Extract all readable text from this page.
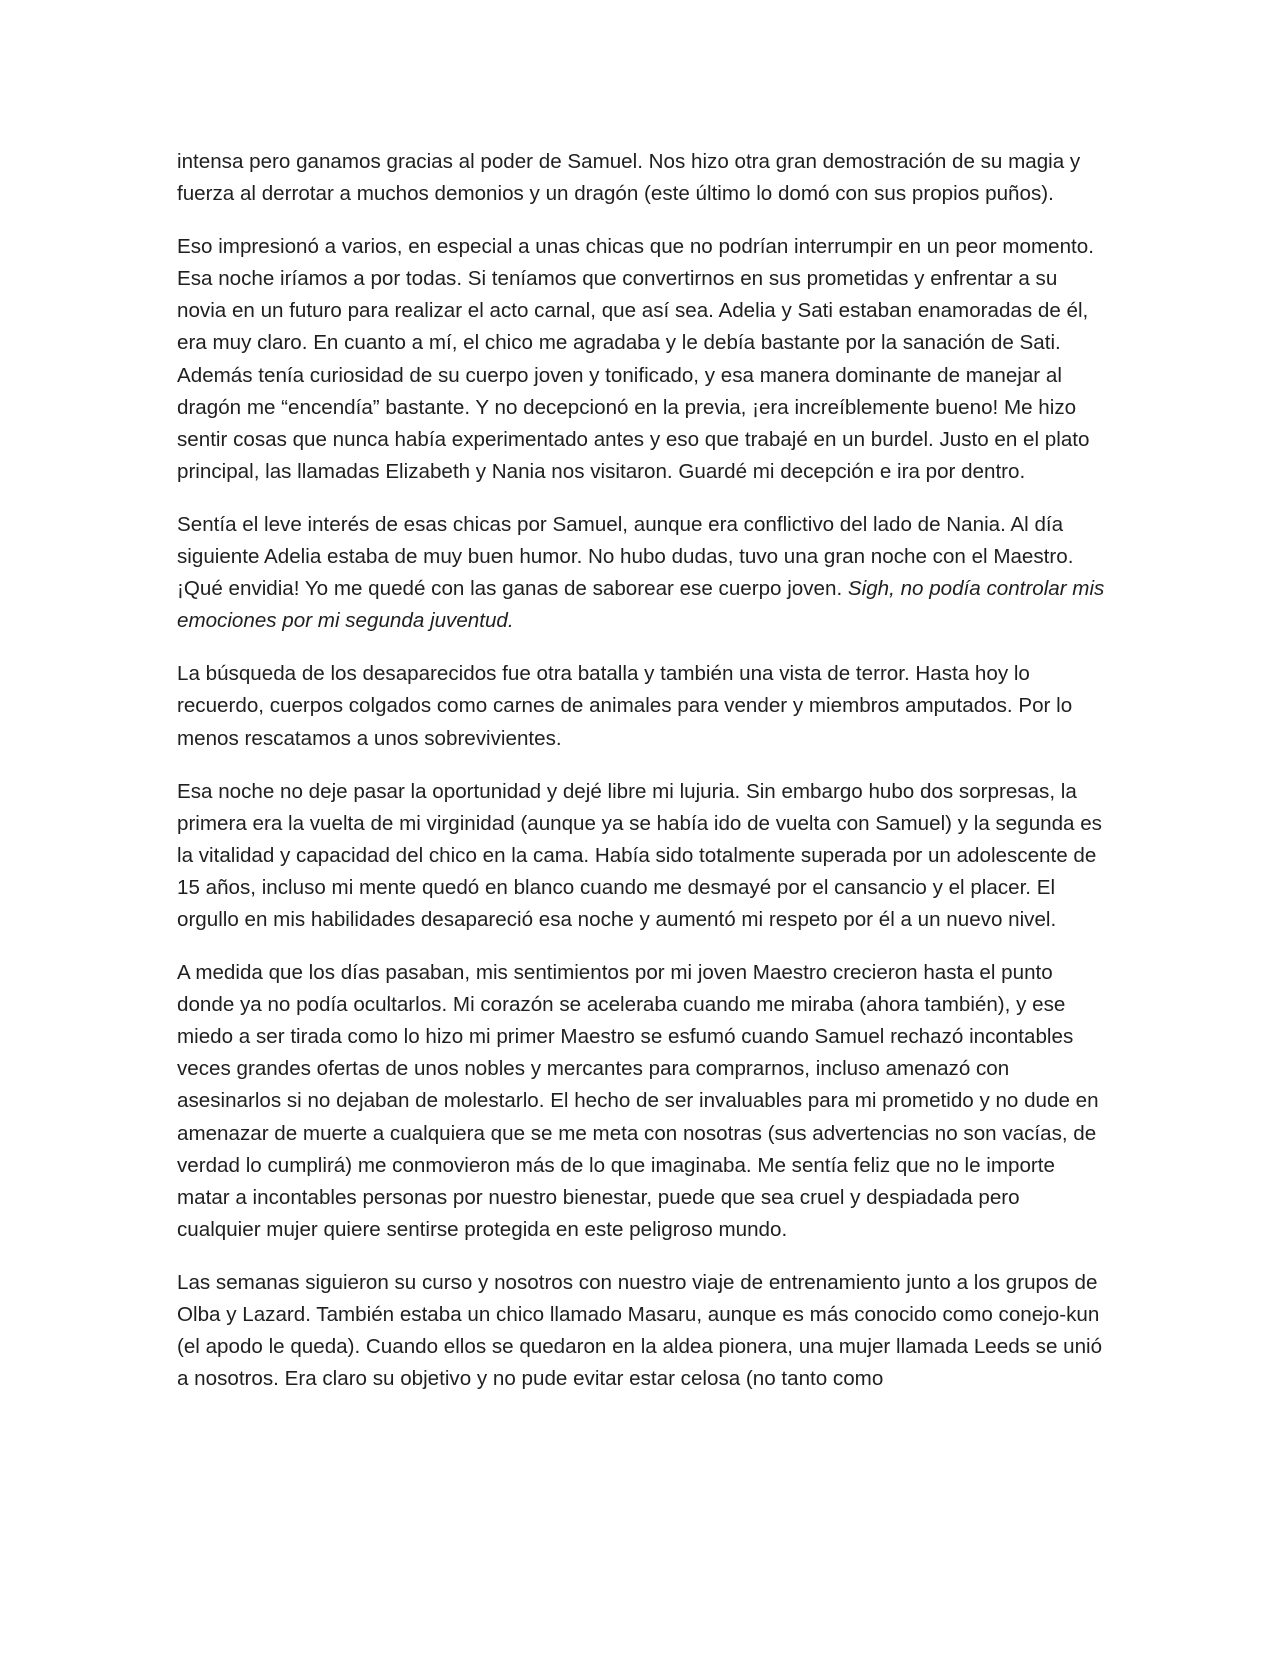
intensa pero ganamos gracias al poder de Samuel. Nos hizo otra gran demostración de su magia y fuerza al derrotar a muchos demonios y un dragón (este último lo domó con sus propios puños).

Eso impresionó a varios, en especial a unas chicas que no podrían interrumpir en un peor momento. Esa noche iríamos a por todas. Si teníamos que convertirnos en sus prometidas y enfrentar a su novia en un futuro para realizar el acto carnal, que así sea. Adelia y Sati estaban enamoradas de él, era muy claro. En cuanto a mí, el chico me agradaba y le debía bastante por la sanación de Sati. Además tenía curiosidad de su cuerpo joven y tonificado, y esa manera dominante de manejar al dragón me “encendía” bastante. Y no decepcionó en la previa, ¡era increíblemente bueno! Me hizo sentir cosas que nunca había experimentado antes y eso que trabajé en un burdel. Justo en el plato principal, las llamadas Elizabeth y Nania nos visitaron. Guardé mi decepción e ira por dentro.

Sentía el leve interés de esas chicas por Samuel, aunque era conflictivo del lado de Nania. Al día siguiente Adelia estaba de muy buen humor. No hubo dudas, tuvo una gran noche con el Maestro. ¡Qué envidia! Yo me quedé con las ganas de saborear ese cuerpo joven. Sigh, no podía controlar mis emociones por mi segunda juventud.

La búsqueda de los desaparecidos fue otra batalla y también una vista de terror. Hasta hoy lo recuerdo, cuerpos colgados como carnes de animales para vender y miembros amputados. Por lo menos rescatamos a unos sobrevivientes.

Esa noche no deje pasar la oportunidad y dejé libre mi lujuria. Sin embargo hubo dos sorpresas, la primera era la vuelta de mi virginidad (aunque ya se había ido de vuelta con Samuel) y la segunda es la vitalidad y capacidad del chico en la cama. Había sido totalmente superada por un adolescente de 15 años, incluso mi mente quedó en blanco cuando me desmayé por el cansancio y el placer. El orgullo en mis habilidades desapareció esa noche y aumentó mi respeto por él a un nuevo nivel.

A medida que los días pasaban, mis sentimientos por mi joven Maestro crecieron hasta el punto donde ya no podía ocultarlos. Mi corazón se aceleraba cuando me miraba (ahora también), y ese miedo a ser tirada como lo hizo mi primer Maestro se esfumó cuando Samuel rechazó incontables veces grandes ofertas de unos nobles y mercantes para comprarnos, incluso amenazó con asesinarlos si no dejaban de molestarlo. El hecho de ser invaluables para mi prometido y no dude en amenazar de muerte a cualquiera que se me meta con nosotras (sus advertencias no son vacías, de verdad lo cumplirá) me conmovieron más de lo que imaginaba. Me sentía feliz que no le importe matar a incontables personas por nuestro bienestar, puede que sea cruel y despiadada pero cualquier mujer quiere sentirse protegida en este peligroso mundo.

Las semanas siguieron su curso y nosotros con nuestro viaje de entrenamiento junto a los grupos de Olba y Lazard. También estaba un chico llamado Masaru, aunque es más conocido como conejo-kun (el apodo le queda). Cuando ellos se quedaron en la aldea pionera, una mujer llamada Leeds se unió a nosotros. Era claro su objetivo y no pude evitar estar celosa (no tanto como
